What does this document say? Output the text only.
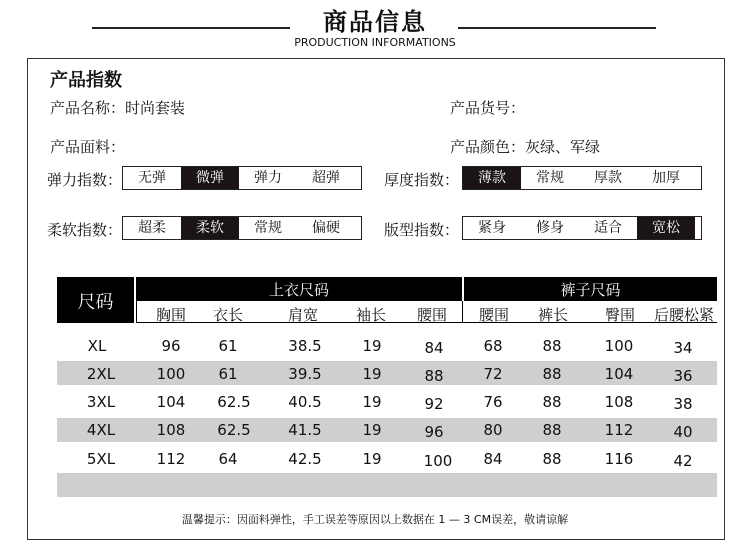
商品信息
PRODUCTION INFORMATIONS
产品指数
产品名称：时尚套装	产品货号：
产品面料：	产品颜色：灰绿、军绿
弹力指数：	无弹	微弹	弹力	超弹	厚度指数：	薄款	常规	厚款	加厚
柔软指数：	超柔	柔软	常规	偏硬	版型指数：	紧身	修身	适合	宽松
尺码
上衣尺码	裤子尺码
胸围	衣长	肩宽	袖长	腰围	腰围	裤长	臀围	后腰松紧
XL	96	61	38.5	19	84	68	88	100	34
2XL	100	61	39.5	19	88	72	88	104	36
3XL	104	62.5	40.5	19	92	76	88	108	38
4XL	108	62.5	41.5	19	96	80	88	112	40
5XL	112	64	42.5	19	100	84	88	116	42
温馨提示：因面料弹性，手工误差等原因以上数据在 1 — 3 CM误差，敬请谅解
